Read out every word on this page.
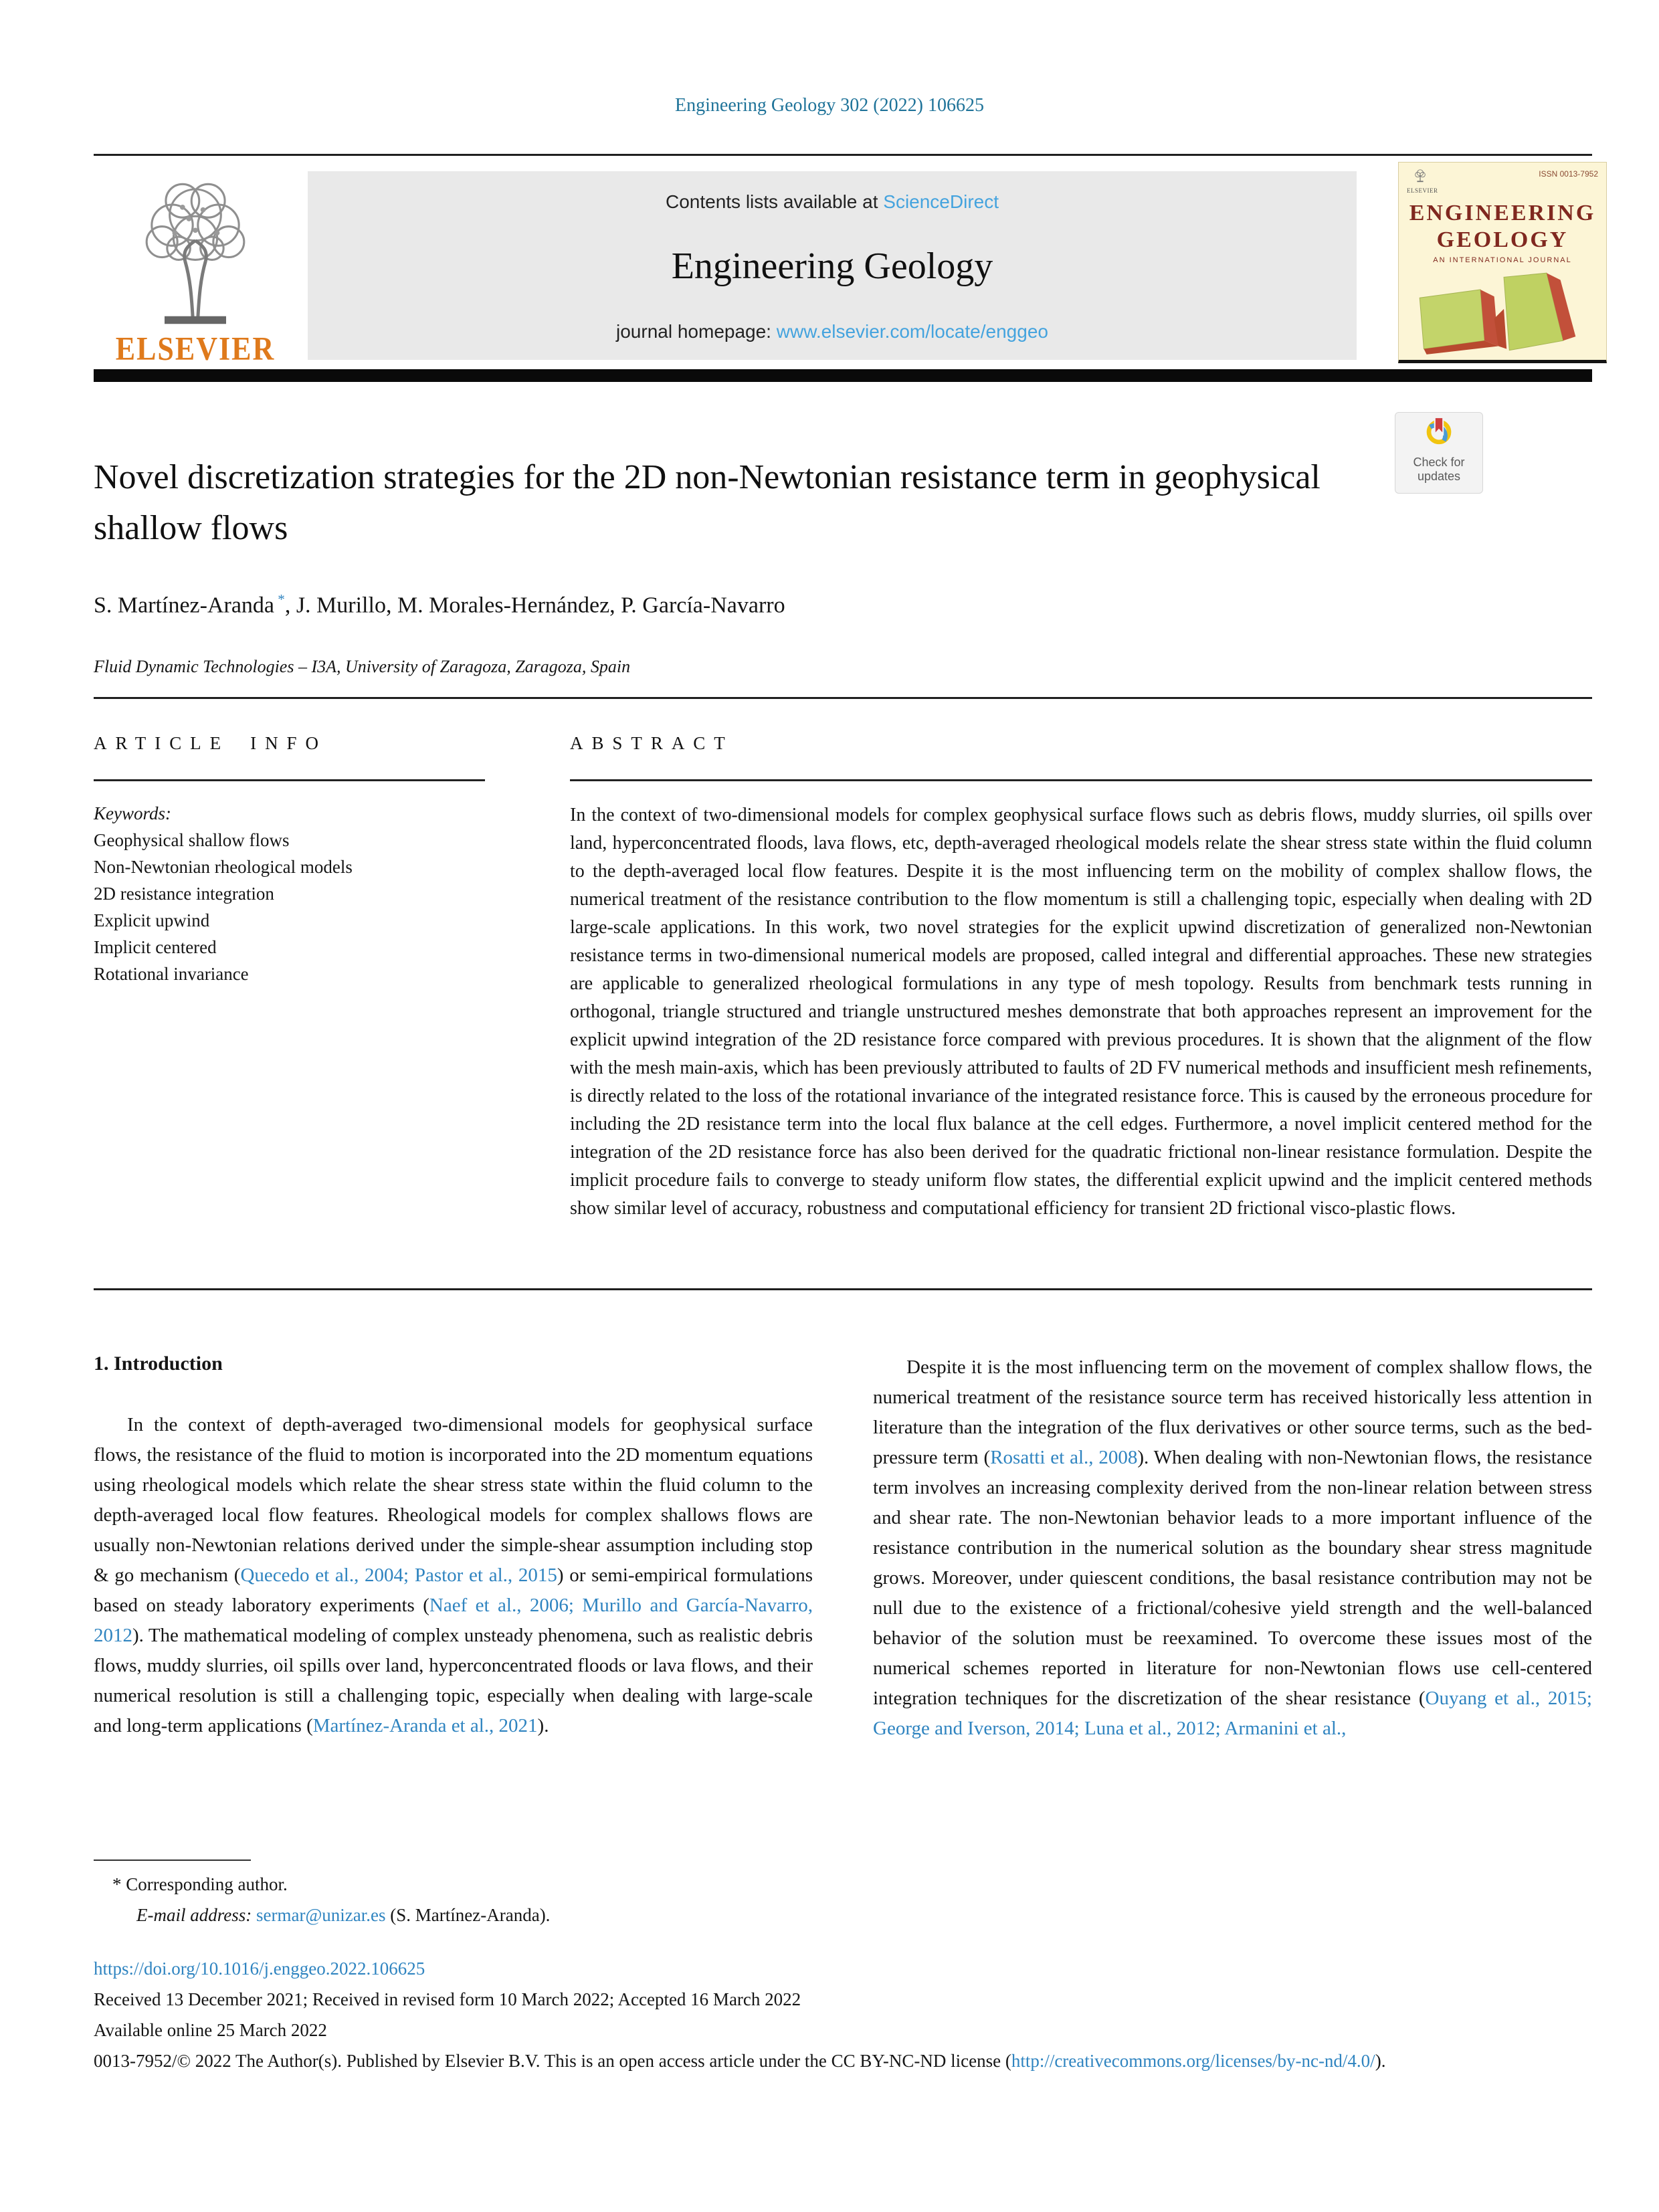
Engineering Geology 302 (2022) 106625
ELSEVIER
Contents lists available at ScienceDirect
Engineering Geology
journal homepage: www.elsevier.com/locate/enggeo
ISSN 0013-7952
ELSEVIER
ENGINEERING
GEOLOGY
AN INTERNATIONAL JOURNAL
Novel discretization strategies for the 2D non-Newtonian resistance term in geophysical shallow flows
Check for updates
S. Martínez-Aranda *, J. Murillo, M. Morales-Hernández, P. García-Navarro
Fluid Dynamic Technologies – I3A, University of Zaragoza, Zaragoza, Spain
ARTICLE INFO
Keywords:
Geophysical shallow flows
Non-Newtonian rheological models
2D resistance integration
Explicit upwind
Implicit centered
Rotational invariance
ABSTRACT
In the context of two-dimensional models for complex geophysical surface flows such as debris flows, muddy slurries, oil spills over land, hyperconcentrated floods, lava flows, etc, depth-averaged rheological models relate the shear stress state within the fluid column to the depth-averaged local flow features. Despite it is the most influencing term on the mobility of complex shallow flows, the numerical treatment of the resistance contribution to the flow momentum is still a challenging topic, especially when dealing with 2D large-scale applications. In this work, two novel strategies for the explicit upwind discretization of generalized non-Newtonian resistance terms in two-dimensional numerical models are proposed, called integral and differential approaches. These new strategies are applicable to generalized rheological formulations in any type of mesh topology. Results from benchmark tests running in orthogonal, triangle structured and triangle unstructured meshes demonstrate that both approaches represent an improvement for the explicit upwind integration of the 2D resistance force compared with previous procedures. It is shown that the alignment of the flow with the mesh main-axis, which has been previously attributed to faults of 2D FV numerical methods and insufficient mesh refinements, is directly related to the loss of the rotational invariance of the integrated resistance force. This is caused by the erroneous procedure for including the 2D resistance term into the local flux balance at the cell edges. Furthermore, a novel implicit centered method for the integration of the 2D resistance force has also been derived for the quadratic frictional non-linear resistance formulation. Despite the implicit procedure fails to converge to steady uniform flow states, the differential explicit upwind and the implicit centered methods show similar level of accuracy, robustness and computational efficiency for transient 2D frictional visco-plastic flows.
1. Introduction

In the context of depth-averaged two-dimensional models for geophysical surface flows, the resistance of the fluid to motion is incorporated into the 2D momentum equations using rheological models which relate the shear stress state within the fluid column to the depth-averaged local flow features. Rheological models for complex shallows flows are usually non-Newtonian relations derived under the simple-shear assumption including stop & go mechanism (Quecedo et al., 2004; Pastor et al., 2015) or semi-empirical formulations based on steady laboratory experiments (Naef et al., 2006; Murillo and García-Navarro, 2012). The mathematical modeling of complex unsteady phenomena, such as realistic debris flows, muddy slurries, oil spills over land, hyperconcentrated floods or lava flows, and their numerical resolution is still a challenging topic, especially when dealing with large-scale and long-term applications (Martínez-Aranda et al., 2021).

Despite it is the most influencing term on the movement of complex shallow flows, the numerical treatment of the resistance source term has received historically less attention in literature than the integration of the flux derivatives or other source terms, such as the bed-pressure term (Rosatti et al., 2008). When dealing with non-Newtonian flows, the resistance term involves an increasing complexity derived from the non-linear relation between stress and shear rate. The non-Newtonian behavior leads to a more important influence of the resistance contribution in the numerical solution as the boundary shear stress magnitude grows. Moreover, under quiescent conditions, the basal resistance contribution may not be null due to the existence of a frictional/cohesive yield strength and the well-balanced behavior of the solution must be reexamined. To overcome these issues most of the numerical schemes reported in literature for non-Newtonian flows use cell-centered integration techniques for the discretization of the shear resistance (Ouyang et al., 2015; George and Iverson, 2014; Luna et al., 2012; Armanini et al.,

* Corresponding author.
E-mail address: sermar@unizar.es (S. Martínez-Aranda).
https://doi.org/10.1016/j.enggeo.2022.106625
Received 13 December 2021; Received in revised form 10 March 2022; Accepted 16 March 2022
Available online 25 March 2022
0013-7952/© 2022 The Author(s). Published by Elsevier B.V. This is an open access article under the CC BY-NC-ND license (http://creativecommons.org/licenses/by-nc-nd/4.0/).
